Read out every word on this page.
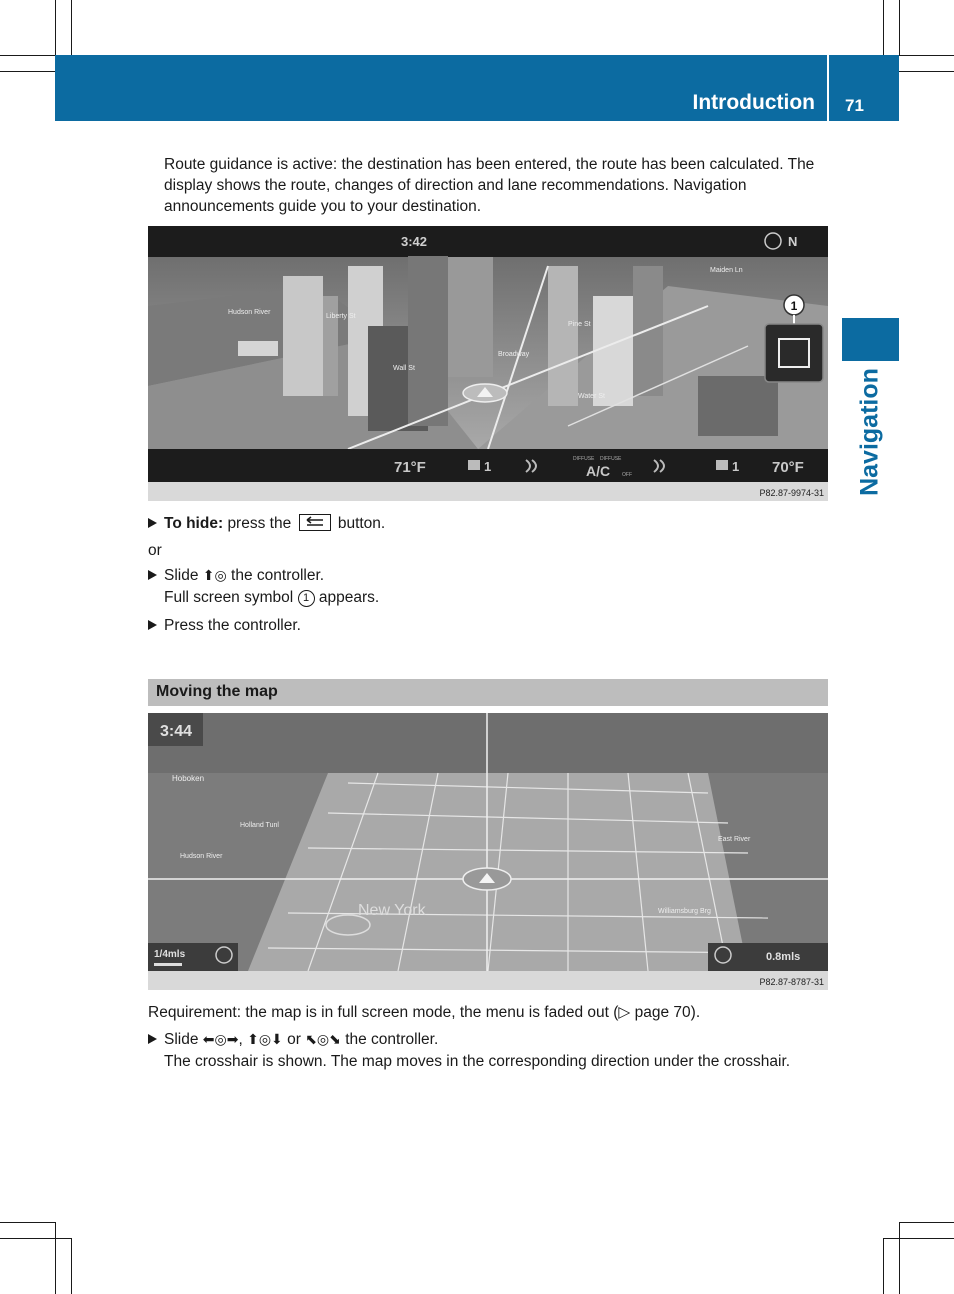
Introduction 71
Navigation

Route guidance is active: the destination has been entered, the route has been calculated. The display shows the route, changes of direction and lane recommendations. Navigation announcements guide you to your destination.

Hudson River
Liberty St
Wall St
Broadway
Water St
Pine St
Maiden Ln
3:42	N
1
71°F	1	DIFFUSE DIFFUSE
A/C OFF
1 70°F
P82.87-9974-31
To hide: press the	button.
or
Slide ⬆◎ the controller.
Full screen symbol 1 appears.
Press the controller.
Moving the map
Hoboken
Holland Tunl
Hudson River
New York
East River
Williamsburg Brg
3:44
1/4mls	0.8mls
P82.87-8787-31

Requirement: the map is in full screen mode, the menu is faded out (▷ page 70).

Slide ⬅◎➡, ⬆◎⬇ or ⬉◎⬊ the controller.
The crosshair is shown. The map moves in the corresponding direction under the crosshair.
